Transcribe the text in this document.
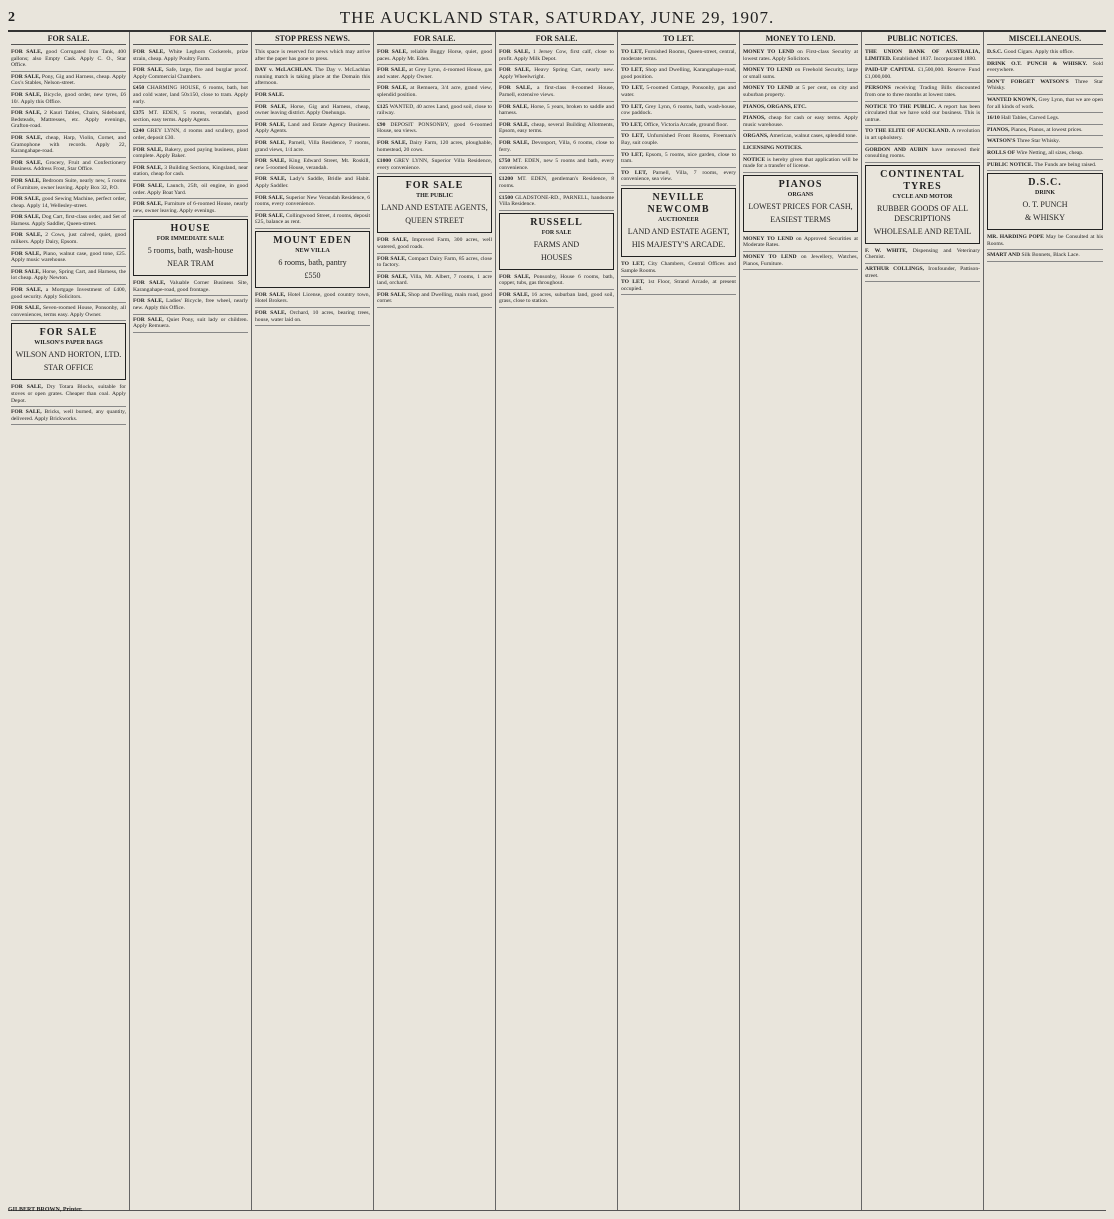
2	THE AUCKLAND STAR, SATURDAY, JUNE 29, 1907.
FOR SALE.
FOR SALE, good Corrugated Iron Tank, 400 gallons; also Empty Cask. Apply C. O., Star Office.
FOR SALE, Pony, Gig and Harness, cheap. Apply Cox's Stables, Nelson-street.
FOR SALE, Bicycle, good order, new tyres, £6 10/. Apply this Office.
FOR SALE, 2 Kauri Tables, Chairs, Sideboard, Bedsteads, Mattresses, etc. Apply evenings, Grafton-road.
FOR SALE, cheap, Harp, Violin, Cornet, and Gramophone with records. Apply 22, Karangahape-road.
FOR SALE, Grocery, Fruit and Confectionery Business. Address Frost, Star Office.
FOR SALE, Bedroom Suite, nearly new, 5 rooms of Furniture, owner leaving. Apply Box 32, P.O.
FOR SALE, good Sewing Machine, perfect order, cheap. Apply 14, Wellesley-street.
FOR SALE, Dog Cart, first-class order, and Set of Harness. Apply Saddler, Queen-street.
FOR SALE, 2 Cows, just calved, quiet, good milkers. Apply Dairy, Epsom.
FOR SALE, Piano, walnut case, good tone, £25. Apply music warehouse.
FOR SALE, Horse, Spring Cart, and Harness, the lot cheap. Apply Newton.
FOR SALE, a Mortgage Investment of £400, good security. Apply Solicitors.
FOR SALE, Seven-roomed House, Ponsonby, all conveniences, terms easy. Apply Owner.
FOR SALE
WILSON'S PAPER BAGS
WILSON AND HORTON, LTD.
STAR OFFICE
FOR SALE, Dry Totara Blocks, suitable for stoves or open grates. Cheaper than coal. Apply Depot.
FOR SALE, Bricks, well burned, any quantity, delivered. Apply Brickworks.
FOR SALE.
FOR SALE, White Leghorn Cockerels, prize strain, cheap. Apply Poultry Farm.
FOR SALE, Safe, large, fire and burglar proof. Apply Commercial Chambers.
£450 CHARMING HOUSE, 6 rooms, bath, hot and cold water, land 50x150, close to tram. Apply early.
£375 MT. EDEN, 5 rooms, verandah, good section, easy terms. Apply Agents.
£240 GREY LYNN, 4 rooms and scullery, good order, deposit £30.
FOR SALE, Bakery, good paying business, plant complete. Apply Baker.
FOR SALE, 3 Building Sections, Kingsland, near station, cheap for cash.
FOR SALE, Launch, 25ft, oil engine, in good order. Apply Boat Yard.
FOR SALE, Furniture of 6-roomed House, nearly new, owner leaving. Apply evenings.
HOUSE
FOR IMMEDIATE SALE
5 rooms, bath, wash-house
NEAR TRAM
FOR SALE, Valuable Corner Business Site, Karangahape-road, good frontage.
FOR SALE, Ladies' Bicycle, free wheel, nearly new. Apply this Office.
FOR SALE, Quiet Pony, suit lady or children. Apply Remuera.
STOP PRESS NEWS.
This space is reserved for news which may arrive after the paper has gone to press.
DAY v. McLACHLAN. The Day v. McLachlan running match is taking place at the Domain this afternoon.
FOR SALE.
FOR SALE, Horse, Gig and Harness, cheap, owner leaving district. Apply Onehunga.
FOR SALE, Land and Estate Agency Business. Apply Agents.
FOR SALE, Parnell, Villa Residence, 7 rooms, grand views, 1/4 acre.
FOR SALE, King Edward Street, Mt. Roskill, new 5-roomed House, verandah.
FOR SALE, Lady's Saddle, Bridle and Habit. Apply Saddler.
FOR SALE, Superior New Verandah Residence, 6 rooms, every convenience.
FOR SALE, Collingwood Street, 4 rooms, deposit £25, balance as rent.
MOUNT EDEN
NEW VILLA
6 rooms, bath, pantry
£550
FOR SALE, Hotel License, good country town, Hotel Brokers.
FOR SALE, Orchard, 10 acres, bearing trees, house, water laid on.
FOR SALE.
FOR SALE, reliable Buggy Horse, quiet, good paces. Apply Mt. Eden.
FOR SALE, at Grey Lynn, 4-roomed House, gas and water. Apply Owner.
FOR SALE, at Remuera, 3/4 acre, grand view, splendid position.
£125 WANTED, 40 acres Land, good soil, close to railway.
£90 DEPOSIT PONSONBY, good 6-roomed House, sea views.
FOR SALE, Dairy Farm, 120 acres, ploughable, homestead, 20 cows.
£1000 GREY LYNN, Superior Villa Residence, every convenience.
FOR SALE
THE PUBLIC
LAND AND ESTATE AGENTS,
QUEEN STREET
FOR SALE, Improved Farm, 300 acres, well watered, good roads.
FOR SALE, Compact Dairy Farm, 85 acres, close to factory.
FOR SALE, Villa, Mt. Albert, 7 rooms, 1 acre land, orchard.
FOR SALE, Shop and Dwelling, main road, good corner.
FOR SALE.
FOR SALE, 1 Jersey Cow, first calf, close to profit. Apply Milk Depot.
FOR SALE, Heavy Spring Cart, nearly new. Apply Wheelwright.
FOR SALE, a first-class 8-roomed House, Parnell, extensive views.
FOR SALE, Horse, 5 years, broken to saddle and harness.
FOR SALE, cheap, several Building Allotments, Epsom, easy terms.
FOR SALE, Devonport, Villa, 6 rooms, close to ferry.
£750 MT. EDEN, new 5 rooms and bath, every convenience.
£1200 MT. EDEN, gentleman's Residence, 8 rooms.
£1500 GLADSTONE-RD., PARNELL, handsome Villa Residence.
RUSSELL
FOR SALE
FARMS AND
HOUSES
FOR SALE, Ponsonby, House 6 rooms, bath, copper, tubs, gas throughout.
FOR SALE, 16 acres, suburban land, good soil, grass, close to station.
TO LET.
TO LET, Furnished Rooms, Queen-street, central, moderate terms.
TO LET, Shop and Dwelling, Karangahape-road, good position.
TO LET, 5-roomed Cottage, Ponsonby, gas and water.
TO LET, Grey Lynn, 6 rooms, bath, wash-house, cow paddock.
TO LET, Office, Victoria Arcade, ground floor.
TO LET, Unfurnished Front Rooms, Freeman's Bay, suit couple.
TO LET, Epsom, 5 rooms, nice garden, close to tram.
TO LET, Parnell, Villa, 7 rooms, every convenience, sea view.
NEVILLE NEWCOMB
AUCTIONEER
LAND AND ESTATE AGENT,
HIS MAJESTY'S ARCADE.
TO LET, City Chambers, Central Offices and Sample Rooms.
TO LET, 1st Floor, Strand Arcade, at present occupied.
MONEY TO LEND.
MONEY TO LEND on First-class Security at lowest rates. Apply Solicitors.
MONEY TO LEND on Freehold Security, large or small sums.
MONEY TO LEND at 5 per cent, on city and suburban property.
PIANOS, ORGANS, ETC.
PIANOS, cheap for cash or easy terms. Apply music warehouse.
ORGANS, American, walnut cases, splendid tone.
LICENSING NOTICES.
NOTICE is hereby given that application will be made for a transfer of license.
PIANOS
ORGANS
LOWEST PRICES FOR CASH,
EASIEST TERMS
MONEY TO LEND on Approved Securities at Moderate Rates.
MONEY TO LEND on Jewellery, Watches, Pianos, Furniture.
PUBLIC NOTICES.
THE UNION BANK OF AUSTRALIA, LIMITED. Established 1837. Incorporated 1880.
PAID-UP CAPITAL £1,500,000. Reserve Fund £1,000,000.
PERSONS receiving Trading Bills discounted from one to three months at lowest rates.
NOTICE TO THE PUBLIC. A report has been circulated that we have sold our business. This is untrue.
TO THE ELITE OF AUCKLAND. A revolution in art upholstery.
GORDON AND AUBIN have removed their consulting rooms.
CONTINENTAL TYRES
CYCLE AND MOTOR
RUBBER GOODS OF ALL DESCRIPTIONS
WHOLESALE AND RETAIL
F. W. WHITE, Dispensing and Veterinary Chemist.
ARTHUR COLLINGS, Ironfounder, Pattison-street.
MISCELLANEOUS.
D.S.C. Good Cigars. Apply this office.
DRINK O.T. PUNCH & WHISKY. Sold everywhere.
DON'T FORGET WATSON'S Three Star Whisky.
WANTED KNOWN, Grey Lynn, that we are open for all kinds of work.
16/10 Hall Tables, Carved Legs.
PIANOS, Pianos, Pianos, at lowest prices.
WATSON'S Three Star Whisky.
ROLLS OF Wire Netting, all sizes, cheap.
PUBLIC NOTICE. The Funds are being raised.
D.S.C.
DRINK
O. T. PUNCH
& WHISKY
MR. HARDING POPE May be Consulted at his Rooms.
SMART AND Silk Bonnets, Black Lace.
GILBERT BROWN, Printer.
